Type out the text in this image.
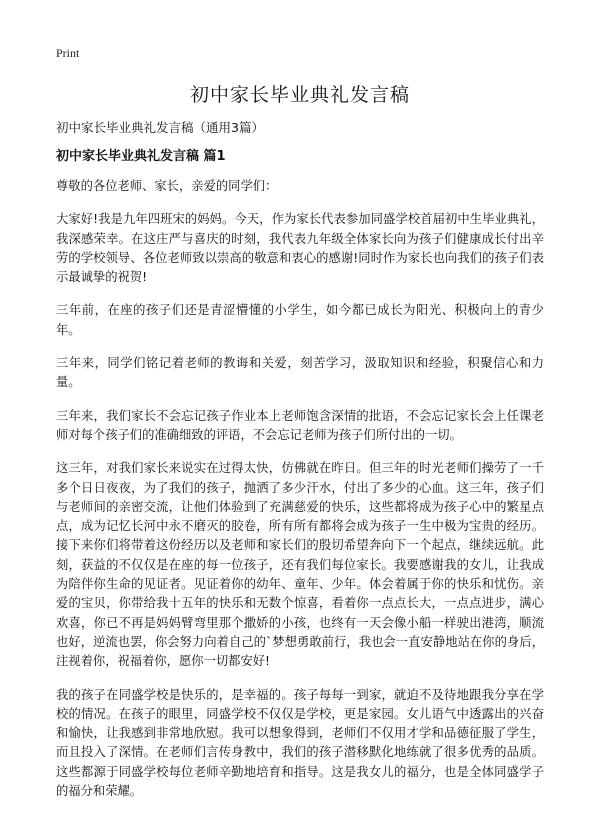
Print
初中家长毕业典礼发言稿
初中家长毕业典礼发言稿（通用3篇）
初中家长毕业典礼发言稿 篇1

尊敬的各位老师、家长，亲爱的同学们：

大家好!我是九年四班宋的妈妈。今天，作为家长代表参加同盛学校首届初中生毕业典礼，我深感荣幸。在这庄严与喜庆的时刻，我代表九年级全体家长向为孩子们健康成长付出辛劳的学校领导、各位老师致以崇高的敬意和衷心的感谢!同时作为家长也向我们的孩子们表示最诚挚的祝贺!

三年前，在座的孩子们还是青涩懵懂的小学生，如今都已成长为阳光、积极向上的青少年。

三年来，同学们铭记着老师的教诲和关爱，刻苦学习，汲取知识和经验，积聚信心和力量。

三年来，我们家长不会忘记孩子作业本上老师饱含深情的批语，不会忘记家长会上任课老师对每个孩子们的准确细致的评语，不会忘记老师为孩子们所付出的一切。

这三年，对我们家长来说实在过得太快，仿佛就在昨日。但三年的时光老师们操劳了一千多个日日夜夜，为了我们的孩子，抛洒了多少汗水，付出了多少的心血。这三年，孩子们与老师间的亲密交流，让他们体验到了充满慈爱的快乐，这些都将成为孩子心中的繁星点点，成为记忆长河中永不磨灭的胶卷，所有所有都将会成为孩子一生中极为宝贵的经历。接下来你们将带着这份经历以及老师和家长们的殷切希望奔向下一个起点，继续远航。此刻，获益的不仅仅是在座的每一位孩子，还有我们每位家长。我要感谢我的女儿，让我成为陪伴你生命的见证者。见证着你的幼年、童年、少年。体会着属于你的快乐和忧伤。亲爱的宝贝，你带给我十五年的快乐和无数个惊喜，看着你一点点长大，一点点进步，满心欢喜，你已不再是妈妈臂弯里那个撒娇的小孩，也终有一天会像小船一样驶出港湾，顺流也好，逆流也罢，你会努力向着自己的`梦想勇敢前行，我也会一直安静地站在你的身后，注视着你，祝福着你，愿你一切都安好!

我的孩子在同盛学校是快乐的，是幸福的。孩子每每一到家，就迫不及待地跟我分享在学校的情况。在孩子的眼里，同盛学校不仅仅是学校，更是家园。女儿语气中透露出的兴奋和愉快，让我感到非常地欣慰。我可以想象得到，老师们不仅用才学和品德征服了学生，而且投入了深情。在老师们言传身教中，我们的孩子潜移默化地练就了很多优秀的品质。这些都源于同盛学校每位老师辛勤地培育和指导。这是我女儿的福分，也是全体同盛学子的福分和荣耀。
